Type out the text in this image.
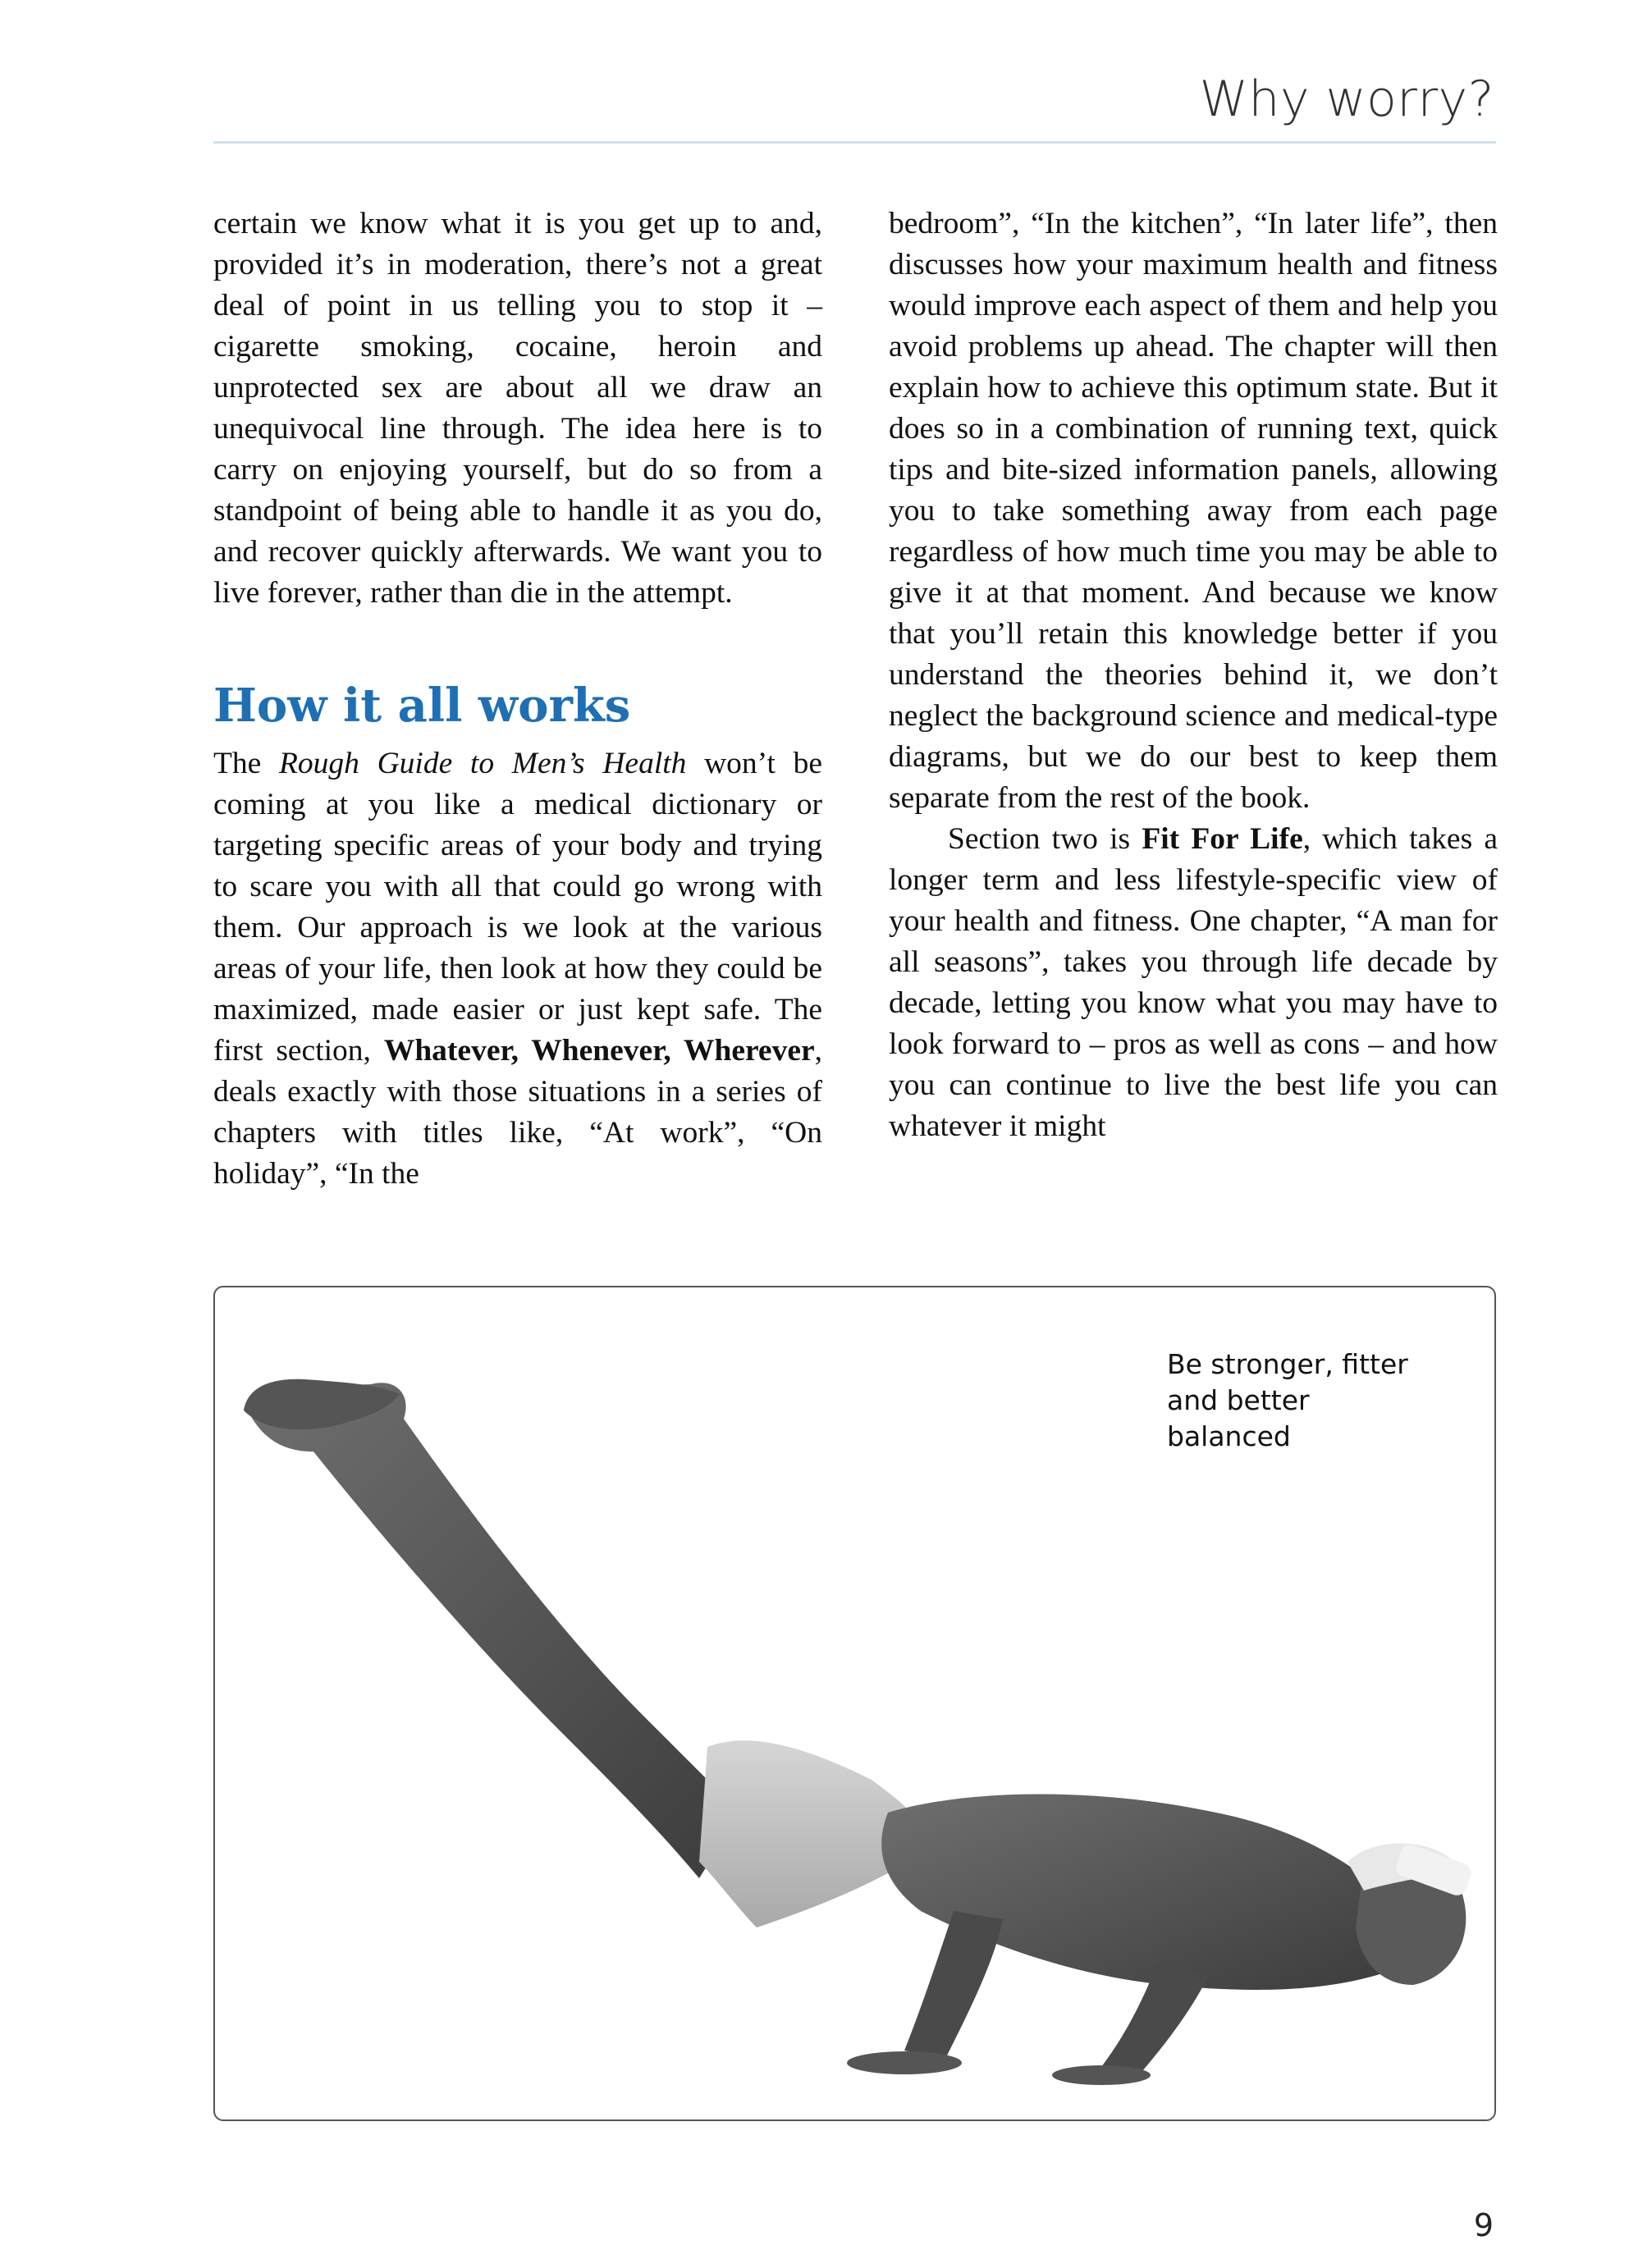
Why worry?

certain we know what it is you get up to and, provided it’s in moderation, there’s not a great deal of point in us telling you to stop it – cigarette smoking, cocaine, heroin and unprotected sex are about all we draw an unequivocal line through. The idea here is to carry on enjoying yourself, but do so from a standpoint of being able to handle it as you do, and recover quickly afterwards. We want you to live forever, rather than die in the attempt.

How it all works

The Rough Guide to Men’s Health won’t be coming at you like a medical dictionary or targeting specific areas of your body and trying to scare you with all that could go wrong with them. Our approach is we look at the various areas of your life, then look at how they could be maximized, made easier or just kept safe. The first section, Whatever, Whenever, Wherever, deals exactly with those situations in a series of chapters with titles like, “At work”, “On holiday”, “In the

bedroom”, “In the kitchen”, “In later life”, then discusses how your maximum health and fitness would improve each aspect of them and help you avoid problems up ahead. The chapter will then explain how to achieve this optimum state. But it does so in a combination of running text, quick tips and bite-sized information panels, allowing you to take something away from each page regardless of how much time you may be able to give it at that moment. And because we know that you’ll retain this knowledge better if you understand the theories behind it, we don’t neglect the background science and medical-type diagrams, but we do our best to keep them separate from the rest of the book.

Section two is Fit For Life, which takes a longer term and less lifestyle-specific view of your health and fitness. One chapter, “A man for all seasons”, takes you through life decade by decade, letting you know what you may have to look forward to – pros as well as cons – and how you can continue to live the best life you can whatever it might

Be stronger, fitter and better balanced
9
